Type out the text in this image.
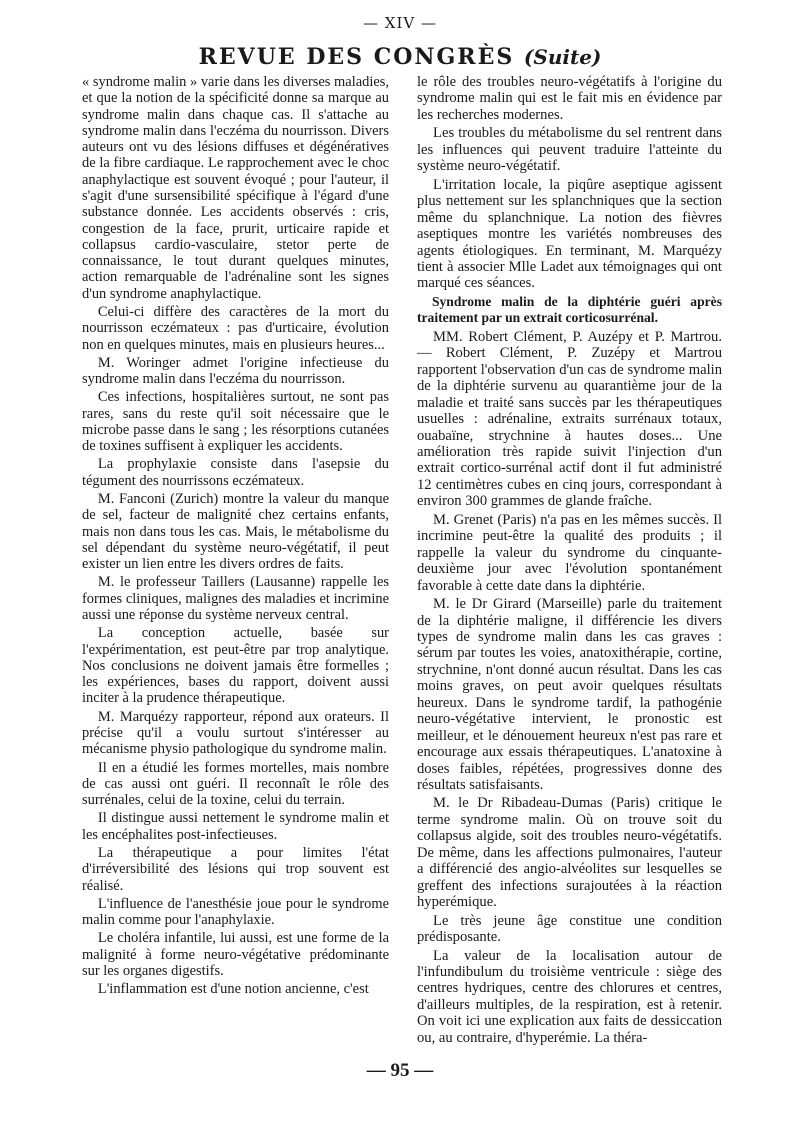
— XIV —
REVUE DES CONGRÈS (Suite)

« syndrome malin » varie dans les diverses maladies, et que la notion de la spécificité donne sa marque au syndrome malin dans chaque cas. Il s'attache au syndrome malin dans l'eczéma du nourrisson. Divers auteurs ont vu des lésions diffuses et dégénératives de la fibre cardiaque. Le rapprochement avec le choc anaphylactique est souvent évoqué ; pour l'auteur, il s'agit d'une sursensibilité spécifique à l'égard d'une substance donnée. Les accidents observés : cris, congestion de la face, prurit, urticaire rapide et collapsus cardio-vasculaire, stetor perte de connaissance, le tout durant quelques minutes, action remarquable de l'adrénaline sont les signes d'un syndrome anaphylactique.

Celui-ci diffère des caractères de la mort du nourrisson eczémateux : pas d'urticaire, évolution non en quelques minutes, mais en plusieurs heures...

M. Woringer admet l'origine infectieuse du syndrome malin dans l'eczéma du nourrisson.

Ces infections, hospitalières surtout, ne sont pas rares, sans du reste qu'il soit nécessaire que le microbe passe dans le sang ; les résorptions cutanées de toxines suffisent à expliquer les accidents.

La prophylaxie consiste dans l'asepsie du tégument des nourrissons eczémateux.

M. Fanconi (Zurich) montre la valeur du manque de sel, facteur de malignité chez certains enfants, mais non dans tous les cas. Mais, le métabolisme du sel dépendant du système neuro-végétatif, il peut exister un lien entre les divers ordres de faits.

M. le professeur Taillers (Lausanne) rappelle les formes cliniques, malignes des maladies et incrimine aussi une réponse du système nerveux central.

La conception actuelle, basée sur l'expérimentation, est peut-être par trop analytique. Nos conclusions ne doivent jamais être formelles ; les expériences, bases du rapport, doivent aussi inciter à la prudence thérapeutique.

M. Marquézy rapporteur, répond aux orateurs. Il précise qu'il a voulu surtout s'intéresser au mécanisme physio pathologique du syndrome malin.

Il en a étudié les formes mortelles, mais nombre de cas aussi ont guéri. Il reconnaît le rôle des surrénales, celui de la toxine, celui du terrain.

Il distingue aussi nettement le syndrome malin et les encéphalites post-infectieuses.

La thérapeutique a pour limites l'état d'irréversibilité des lésions qui trop souvent est réalisé.

L'influence de l'anesthésie joue pour le syndrome malin comme pour l'anaphylaxie.

Le choléra infantile, lui aussi, est une forme de la malignité à forme neuro-végétative prédominante sur les organes digestifs.

L'inflammation est d'une notion ancienne, c'est

le rôle des troubles neuro-végétatifs à l'origine du syndrome malin qui est le fait mis en évidence par les recherches modernes.

Les troubles du métabolisme du sel rentrent dans les influences qui peuvent traduire l'atteinte du système neuro-végétatif.

L'irritation locale, la piqûre aseptique agissent plus nettement sur les splanchniques que la section même du splanchnique. La notion des fièvres aseptiques montre les variétés nombreuses des agents étiologiques. En terminant, M. Marquézy tient à associer Mlle Ladet aux témoignages qui ont marqué ces séances.

Syndrome malin de la diphtérie guéri après traitement par un extrait corticosurrénal.

MM. Robert Clément, P. Auzépy et P. Martrou. — Robert Clément, P. Zuzépy et Martrou rapportent l'observation d'un cas de syndrome malin de la diphtérie survenu au quarantième jour de la maladie et traité sans succès par les thérapeutiques usuelles : adrénaline, extraits surrénaux totaux, ouabaïne, strychnine à hautes doses... Une amélioration très rapide suivit l'injection d'un extrait cortico-surrénal actif dont il fut administré 12 centimètres cubes en cinq jours, correspondant à environ 300 grammes de glande fraîche.

M. Grenet (Paris) n'a pas en les mêmes succès. Il incrimine peut-être la qualité des produits ; il rappelle la valeur du syndrome du cinquante-deuxième jour avec l'évolution spontanément favorable à cette date dans la diphtérie.

M. le Dr Girard (Marseille) parle du traitement de la diphtérie maligne, il différencie les divers types de syndrome malin dans les cas graves : sérum par toutes les voies, anatoxithérapie, cortine, strychnine, n'ont donné aucun résultat. Dans les cas moins graves, on peut avoir quelques résultats heureux. Dans le syndrome tardif, la pathogénie neuro-végétative intervient, le pronostic est meilleur, et le dénouement heureux n'est pas rare et encourage aux essais thérapeutiques. L'anatoxine à doses faibles, répétées, progressives donne des résultats satisfaisants.

M. le Dr Ribadeau-Dumas (Paris) critique le terme syndrome malin. Où on trouve soit du collapsus algide, soit des troubles neuro-végétatifs. De même, dans les affections pulmonaires, l'auteur a différencié des angio-alvéolites sur lesquelles se greffent des infections surajoutées à la réaction hyperémique.

Le très jeune âge constitue une condition prédisposante.

La valeur de la localisation autour de l'infundibulum du troisième ventricule : siège des centres hydriques, centre des chlorures et centres, d'ailleurs multiples, de la respiration, est à retenir. On voit ici une explication aux faits de dessiccation ou, au contraire, d'hyperémie. La théra-

— 95 —
